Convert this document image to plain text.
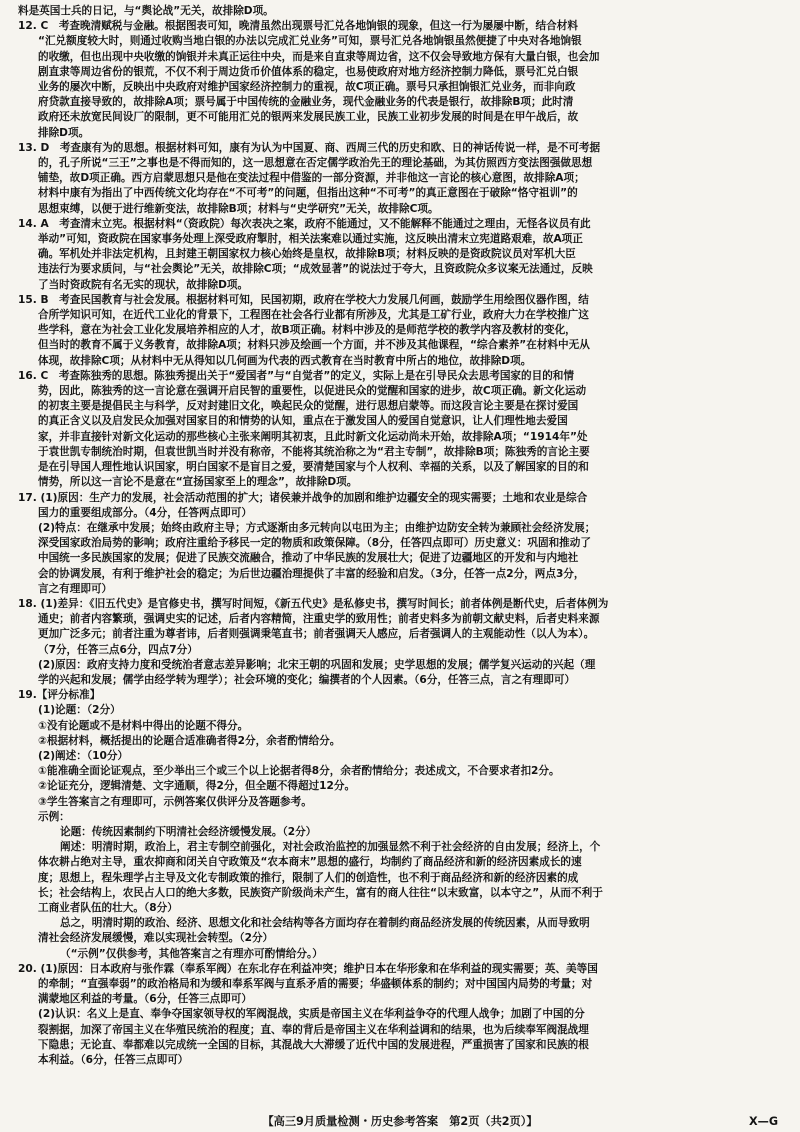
料是英国士兵的日记，与“舆论战”无关，故排除D项。
12. C　考查晚清赋税与金融。根据图表可知，晚清虽然出现票号汇兑各地饷银的现象，但这一行为屡屡中断，结合材料
“汇兑额度较大时，则通过收购当地白银的办法以完成汇兑业务”可知，票号汇兑各地饷银虽然便捷了中央对各地饷银
的收缴，但也出现中央收缴的饷银并未真正运往中央，而是来自直隶等周边省，这不仅会导致地方保有大量白银，也会加
剧直隶等周边省份的银荒，不仅不利于周边货币价值体系的稳定，也易使政府对地方经济控制力降低，票号汇兑白银
业务的屡次中断，反映出中央政府对维护国家经济控制力的重视，故C项正确。票号只承担饷银汇兑业务，而非向政
府贷款直接导致的，故排除A项；票号属于中国传统的金融业务，现代金融业务的代表是银行，故排除B项；此时清
政府还未放宽民间设厂的限制，更不可能用汇兑的银两来发展民族工业，民族工业初步发展的时间是在甲午战后，故
排除D项。
13. D　考查康有为的思想。根据材料可知，康有为认为中国夏、商、西周三代的历史和欧、日的神话传说一样，是不可考据
的，孔子所说“三王”之事也是不得而知的，这一思想意在否定儒学政治先王的理论基础，为其仿照西方变法图强做思想
铺垫，故D项正确。西方启蒙思想只是他在变法过程中借鉴的一部分资源，并非他这一言论的核心意图，故排除A项；
材料中康有为指出了中西传统文化均存在“不可考”的问题，但指出这种“不可考”的真正意图在于破除“恪守祖训”的
思想束缚，以便于进行维新变法，故排除B项；材料与“史学研究”无关，故排除C项。
14. A　考查清末立宪。根据材料“（资政院）每次表决之案，政府不能通过，又不能解释不能通过之理由，无怪各议员有此
举动”可知，资政院在国家事务处理上深受政府掣肘，相关法案难以通过实施，这反映出清末立宪道路艰难，故A项正
确。军机处并非法定机构，且封建王朝国家权力核心始终是皇权，故排除B项；材料反映的是资政院议员对军机大臣
违法行为要求质问，与“社会舆论”无关，故排除C项；“成效显著”的说法过于夸大，且资政院众多议案无法通过，反映
了当时资政院有名无实的现状，故排除D项。
15. B　考查民国教育与社会发展。根据材料可知，民国初期，政府在学校大力发展几何画，鼓励学生用绘图仪器作图，结
合所学知识可知，在近代工业化的背景下，工程图在社会各行业都有所涉及，尤其是工矿行业，政府大力在学校推广这
些学科，意在为社会工业化发展培养相应的人才，故B项正确。材料中涉及的是师范学校的教学内容及教材的变化，
但当时的教育不属于义务教育，故排除A项；材料只涉及绘画一个方面，并不涉及其他课程，“综合素养”在材料中无从
体现，故排除C项；从材料中无从得知以几何画为代表的西式教育在当时教育中所占的地位，故排除D项。
16. C　考查陈独秀的思想。陈独秀提出关于“爱国者”与“自觉者”的定义，实际上是在引导民众去思考国家的目的和情
势，因此，陈独秀的这一言论意在强调开启民智的重要性，以促进民众的觉醒和国家的进步，故C项正确。新文化运动
的初衷主要是提倡民主与科学，反对封建旧文化，唤起民众的觉醒，进行思想启蒙等。而这段言论主要是在探讨爱国
的真正含义以及启发民众加强对国家目的和情势的认知，重点在于激发国人的爱国自觉意识，让人们理性地去爱国
家，并非直接针对新文化运动的那些核心主张来阐明其初衷，且此时新文化运动尚未开始，故排除A项；“1914年”处
于袁世凯专制统治时期，但袁世凯当时并没有称帝，不能将其统治称之为“君主专制”，故排除B项；陈独秀的言论主要
是在引导国人理性地认识国家，明白国家不是盲目之爱，要清楚国家与个人权利、幸福的关系，以及了解国家的目的和
情势，所以这一言论不是意在“宣扬国家至上的理念”，故排除D项。
17. (1)原因：生产力的发展，社会活动范围的扩大；诸侯兼并战争的加剧和维护边疆安全的现实需要；土地和农业是综合
国力的重要组成部分。（4分，任答两点即可）
(2)特点：在继承中发展；始终由政府主导；方式逐渐由多元转向以屯田为主；由维护边防安全转为兼顾社会经济发展；
深受国家政治局势的影响；政府注重给予移民一定的物质和政策保障。（8分，任答四点即可）历史意义：巩固和推动了
中国统一多民族国家的发展；促进了民族交流融合，推动了中华民族的发展壮大；促进了边疆地区的开发和与内地社
会的协调发展，有利于维护社会的稳定；为后世边疆治理提供了丰富的经验和启发。（3分，任答一点2分，两点3分，
言之有理即可）
18. (1)差异：《旧五代史》是官修史书，撰写时间短，《新五代史》是私修史书，撰写时间长；前者体例是断代史，后者体例为
通史；前者内容繁琐，强调史实的记述，后者内容精简，注重史学的致用性；前者史料多为前朝文献史料，后者史料来源
更加广泛多元；前者注重为尊者讳，后者则强调秉笔直书；前者强调天人感应，后者强调人的主观能动性（以人为本）。
（7分，任答三点6分，四点7分）
(2)原因：政府支持力度和受统治者意志差异影响；北宋王朝的巩固和发展；史学思想的发展；儒学复兴运动的兴起（理
学的兴起和发展；儒学由经学转为理学）；社会环境的变化；编撰者的个人因素。（6分，任答三点，言之有理即可）
19.【评分标准】
(1)论题：（2分）
①没有论题或不是材料中得出的论题不得分。
②根据材料，概括提出的论题合适准确者得2分，余者酌情给分。
(2)阐述：（10分）
①能准确全面论证观点，至少举出三个或三个以上论据者得8分，余者酌情给分；表述成文，不合要求者扣2分。
②论证充分，逻辑清楚、文字通顺，得2分，但全题不得超过12分。
③学生答案言之有理即可，示例答案仅供评分及答题参考。
示例：
论题：传统因素制约下明清社会经济缓慢发展。（2分）
阐述：明清时期，政治上，君主专制空前强化，对社会政治监控的加强显然不利于社会经济的自由发展；经济上，个
体农耕占绝对主导，重农抑商和闭关自守政策及“农本商末”思想的盛行，均制约了商品经济和新的经济因素成长的速
度；思想上，程朱理学占主导及文化专制政策的推行，限制了人们的创造性，也不利于商品经济和新的经济因素的成
长；社会结构上，农民占人口的绝大多数，民族资产阶级尚未产生，富有的商人往往“以末致富，以本守之”，从而不利于
工商业者队伍的壮大。（8分）
总之，明清时期的政治、经济、思想文化和社会结构等各方面均存在着制约商品经济发展的传统因素，从而导致明
清社会经济发展缓慢，难以实现社会转型。（2分）
（“示例”仅供参考，其他答案言之有理亦可酌情给分。）
20. (1)原因：日本政府与张作霖（奉系军阀）在东北存在利益冲突；维护日本在华形象和在华利益的现实需要；英、美等国
的牵制；“直强奉弱”的政治格局和为缓和奉系军阀与直系矛盾的需要；华盛顿体系的制约；对中国国内局势的考量；对
满蒙地区利益的考量。（6分，任答三点即可）
(2)认识：名义上是直、奉争夺国家领导权的军阀混战，实质是帝国主义在华利益争夺的代理人战争；加剧了中国的分
裂割据，加深了帝国主义在华殖民统治的程度；直、奉的背后是帝国主义在华利益调和的结果，也为后续奉军阀混战埋
下隐患；无论直、奉都难以完成统一全国的目标，其混战大大滞缓了近代中国的发展进程，严重损害了国家和民族的根
本利益。（6分，任答三点即可）
【高三9月质量检测・历史参考答案　第2页（共2页）】	X—G
